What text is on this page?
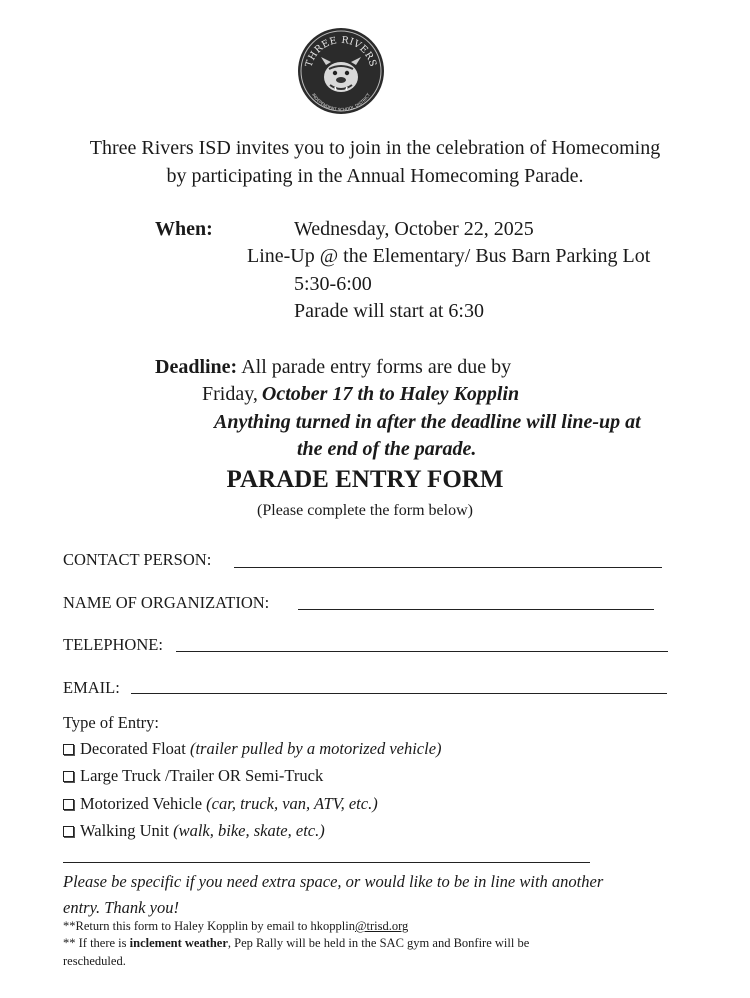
THREE RIVERS
INDEPENDENT SCHOOL DISTRICT
Three Rivers ISD invites you to join in the celebration of Homecoming
by participating in the Annual Homecoming Parade.
When:	Wednesday, October 22, 2025
Line-Up @ the Elementary/ Bus Barn Parking Lot
5:30-6:00
Parade will start at 6:30
Deadline: All parade entry forms are due by
Friday, October 17 th to Haley Kopplin
Anything turned in after the deadline will line-up at
the end of the parade.
PARADE ENTRY FORM
(Please complete the form below)
CONTACT PERSON:
NAME OF ORGANIZATION:
TELEPHONE:
EMAIL:
Type of Entry:
Decorated Float
(trailer pulled by a motorized vehicle)
Large Truck /Trailer OR Semi-Truck
Motorized Vehicle
(car, truck, van, ATV, etc.)
Walking Unit
(walk, bike, skate, etc.)
Please be specific if you need extra space, or would like to be in line with another
entry. Thank you!
**Return this form to Haley Kopplin by email to hkopplin@trisd.org
** If there is inclement weather, Pep Rally will be held in the SAC gym and Bonfire will be
rescheduled.
